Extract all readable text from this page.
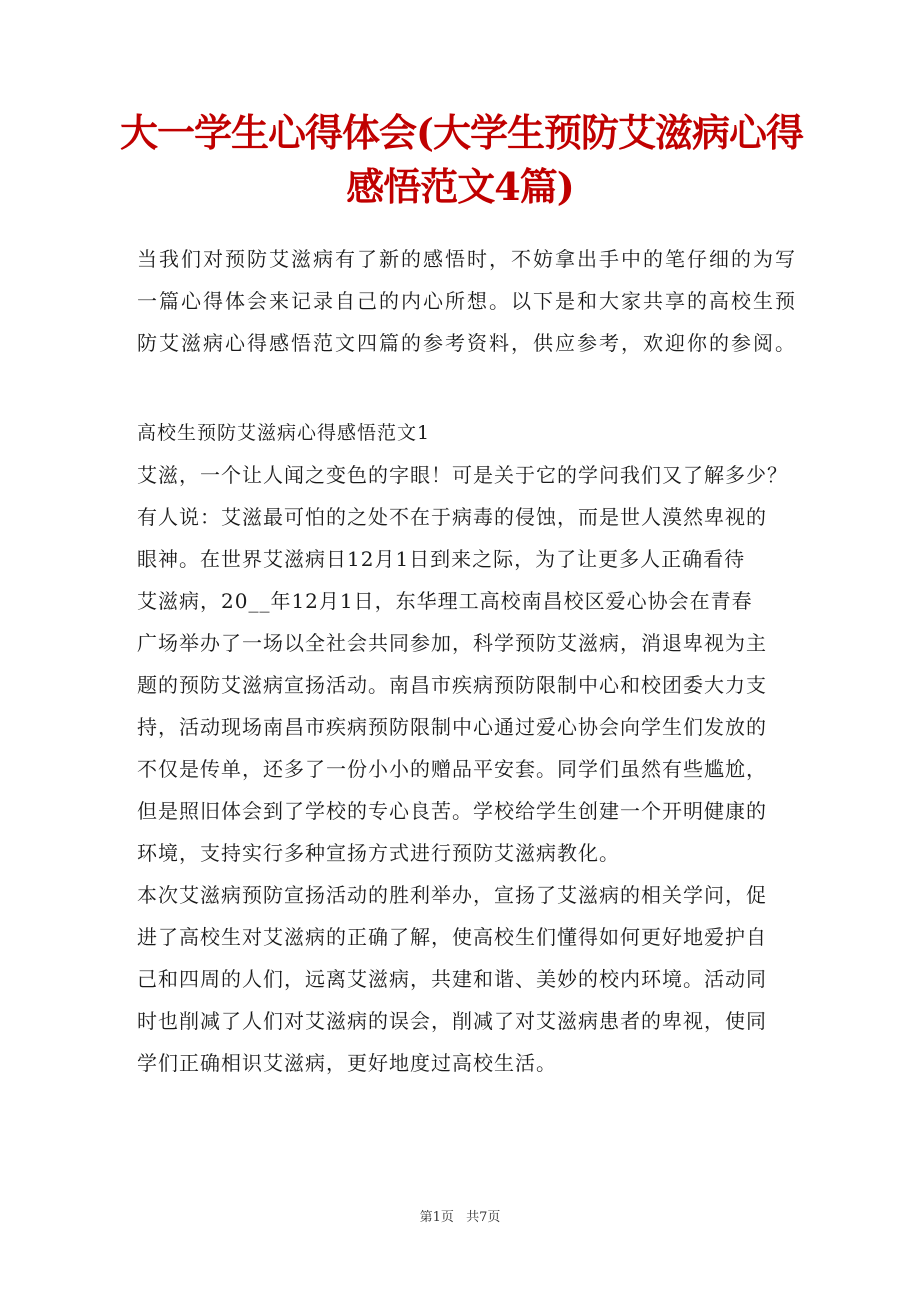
大一学生心得体会(大学生预防艾滋病心得
感悟范文4篇)

当我们对预防艾滋病有了新的感悟时，不妨拿出手中的笔仔细的为写
一篇心得体会来记录自己的内心所想。以下是和大家共享的高校生预
防艾滋病心得感悟范文四篇的参考资料，供应参考，欢迎你的参阅。

高校生预防艾滋病心得感悟范文1

艾滋，一个让人闻之变色的字眼！可是关于它的学问我们又了解多少？
有人说：艾滋最可怕的之处不在于病毒的侵蚀，而是世人漠然卑视的
眼神。在世界艾滋病日12月1日到来之际，为了让更多人正确看待
艾滋病，20__年12月1日，东华理工高校南昌校区爱心协会在青春
广场举办了一场以全社会共同参加，科学预防艾滋病，消退卑视为主
题的预防艾滋病宣扬活动。南昌市疾病预防限制中心和校团委大力支
持，活动现场南昌市疾病预防限制中心通过爱心协会向学生们发放的
不仅是传单，还多了一份小小的赠品平安套。同学们虽然有些尴尬，
但是照旧体会到了学校的专心良苦。学校给学生创建一个开明健康的
环境，支持实行多种宣扬方式进行预防艾滋病教化。

本次艾滋病预防宣扬活动的胜利举办，宣扬了艾滋病的相关学问，促
进了高校生对艾滋病的正确了解，使高校生们懂得如何更好地爱护自
己和四周的人们，远离艾滋病，共建和谐、美妙的校内环境。活动同
时也削减了人们对艾滋病的误会，削减了对艾滋病患者的卑视，使同
学们正确相识艾滋病，更好地度过高校生活。

第1页 共7页
